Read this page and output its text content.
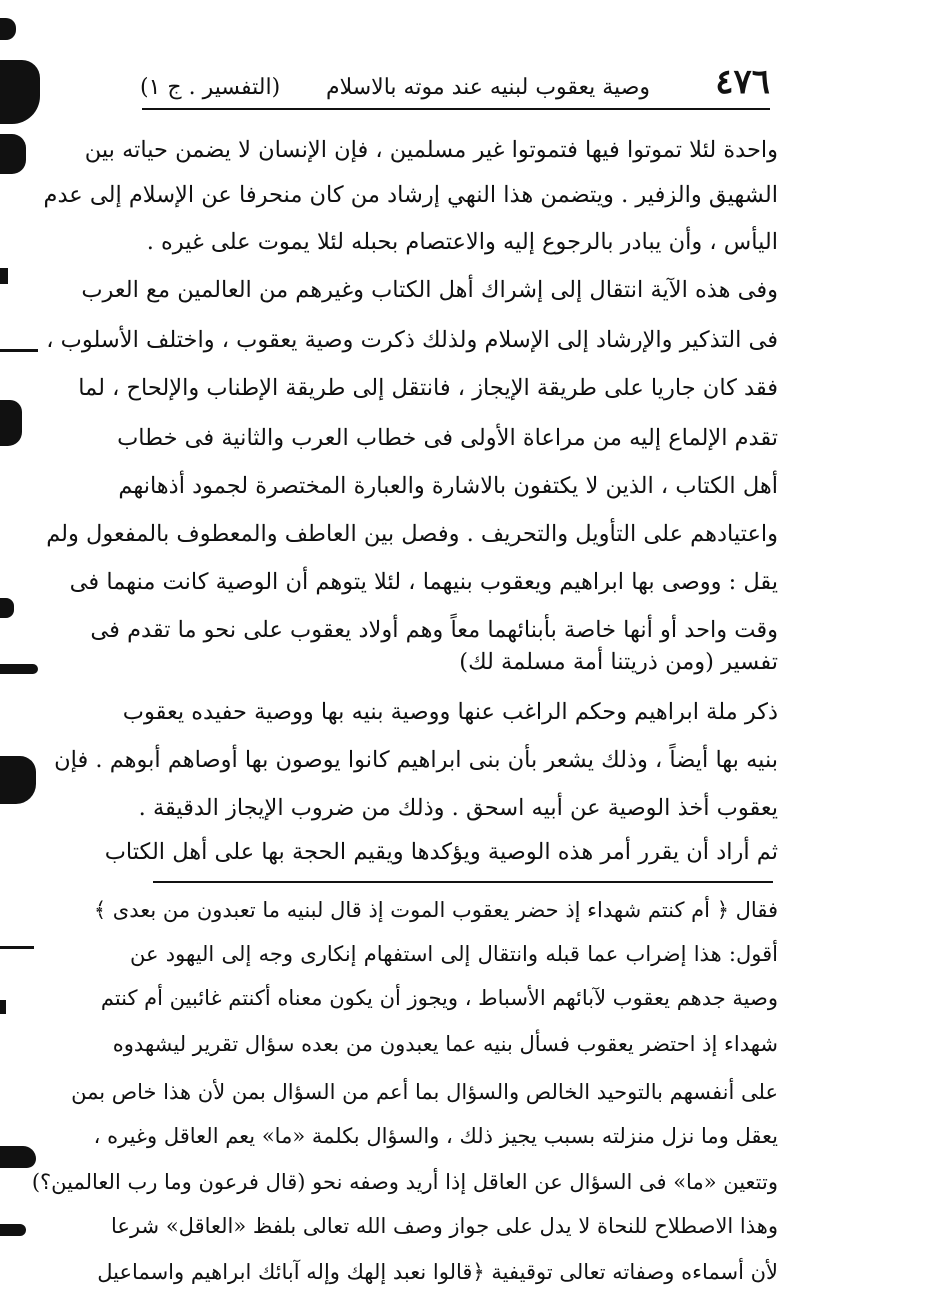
٤٧٦
وصية يعقوب لبنيه عند موته بالاسلام
(التفسير . ج ١)
واحدة لئلا تموتوا فيها فتموتوا غير مسلمين ، فإن الإنسان لا يضمن حياته بين
الشهيق والزفير . ويتضمن هذا النهي إرشاد من كان منحرفا عن الإسلام إلى عدم
اليأس ، وأن يبادر بالرجوع إليه والاعتصام بحبله لئلا يموت على غيره .
وفى هذه الآية انتقال إلى إشراك أهل الكتاب وغيرهم من العالمين مع العرب
فى التذكير والإرشاد إلى الإسلام ولذلك ذكرت وصية يعقوب ، واختلف الأسلوب ،
فقد كان جاريا على طريقة الإيجاز ، فانتقل إلى طريقة الإطناب والإلحاح ، لما
تقدم الإلماع إليه من مراعاة الأولى فى خطاب العرب والثانية فى خطاب
أهل الكتاب ، الذين لا يكتفون بالاشارة والعبارة المختصرة لجمود أذهانهم
واعتيادهم على التأويل والتحريف . وفصل بين العاطف والمعطوف بالمفعول ولم
يقل : ووصى بها ابراهيم ويعقوب بنيهما ، لئلا يتوهم أن الوصية كانت منهما فى
وقت واحد أو أنها خاصة بأبنائهما معاً وهم أولاد يعقوب على نحو ما تقدم فى
تفسير (ومن ذريتنا أمة مسلمة لك)
ذكر ملة ابراهيم وحكم الراغب عنها ووصية بنيه بها ووصية حفيده يعقوب
بنيه بها أيضاً ، وذلك يشعر بأن بنى ابراهيم كانوا يوصون بها أوصاهم أبوهم . فإن
يعقوب أخذ الوصية عن أبيه اسحق . وذلك من ضروب الإيجاز الدقيقة .
ثم أراد أن يقرر أمر هذه الوصية ويؤكدها ويقيم الحجة بها على أهل الكتاب
فقال ﴿ أم كنتم شهداء إذ حضر يعقوب الموت إذ قال لبنيه ما تعبدون من بعدى ﴾
أقول: هذا إضراب عما قبله وانتقال إلى استفهام إنكارى وجه إلى اليهود عن
وصية جدهم يعقوب لآبائهم الأسباط ، ويجوز أن يكون معناه أكنتم غائبين أم كنتم
شهداء إذ احتضر يعقوب فسأل بنيه عما يعبدون من بعده سؤال تقرير ليشهدوه
على أنفسهم بالتوحيد الخالص والسؤال بما أعم من السؤال بمن لأن هذا خاص بمن
يعقل وما نزل منزلته بسبب يجيز ذلك ، والسؤال بكلمة «ما» يعم العاقل وغيره ،
وتتعين «ما» فى السؤال عن العاقل إذا أريد وصفه نحو (قال فرعون وما رب العالمين؟)
وهذا الاصطلاح للنحاة لا يدل على جواز وصف الله تعالى بلفظ «العاقل» شرعا
لأن أسماءه وصفاته تعالى توقيفية ﴿قالوا نعبد إلهك وإله آبائك ابراهيم واسماعيل
